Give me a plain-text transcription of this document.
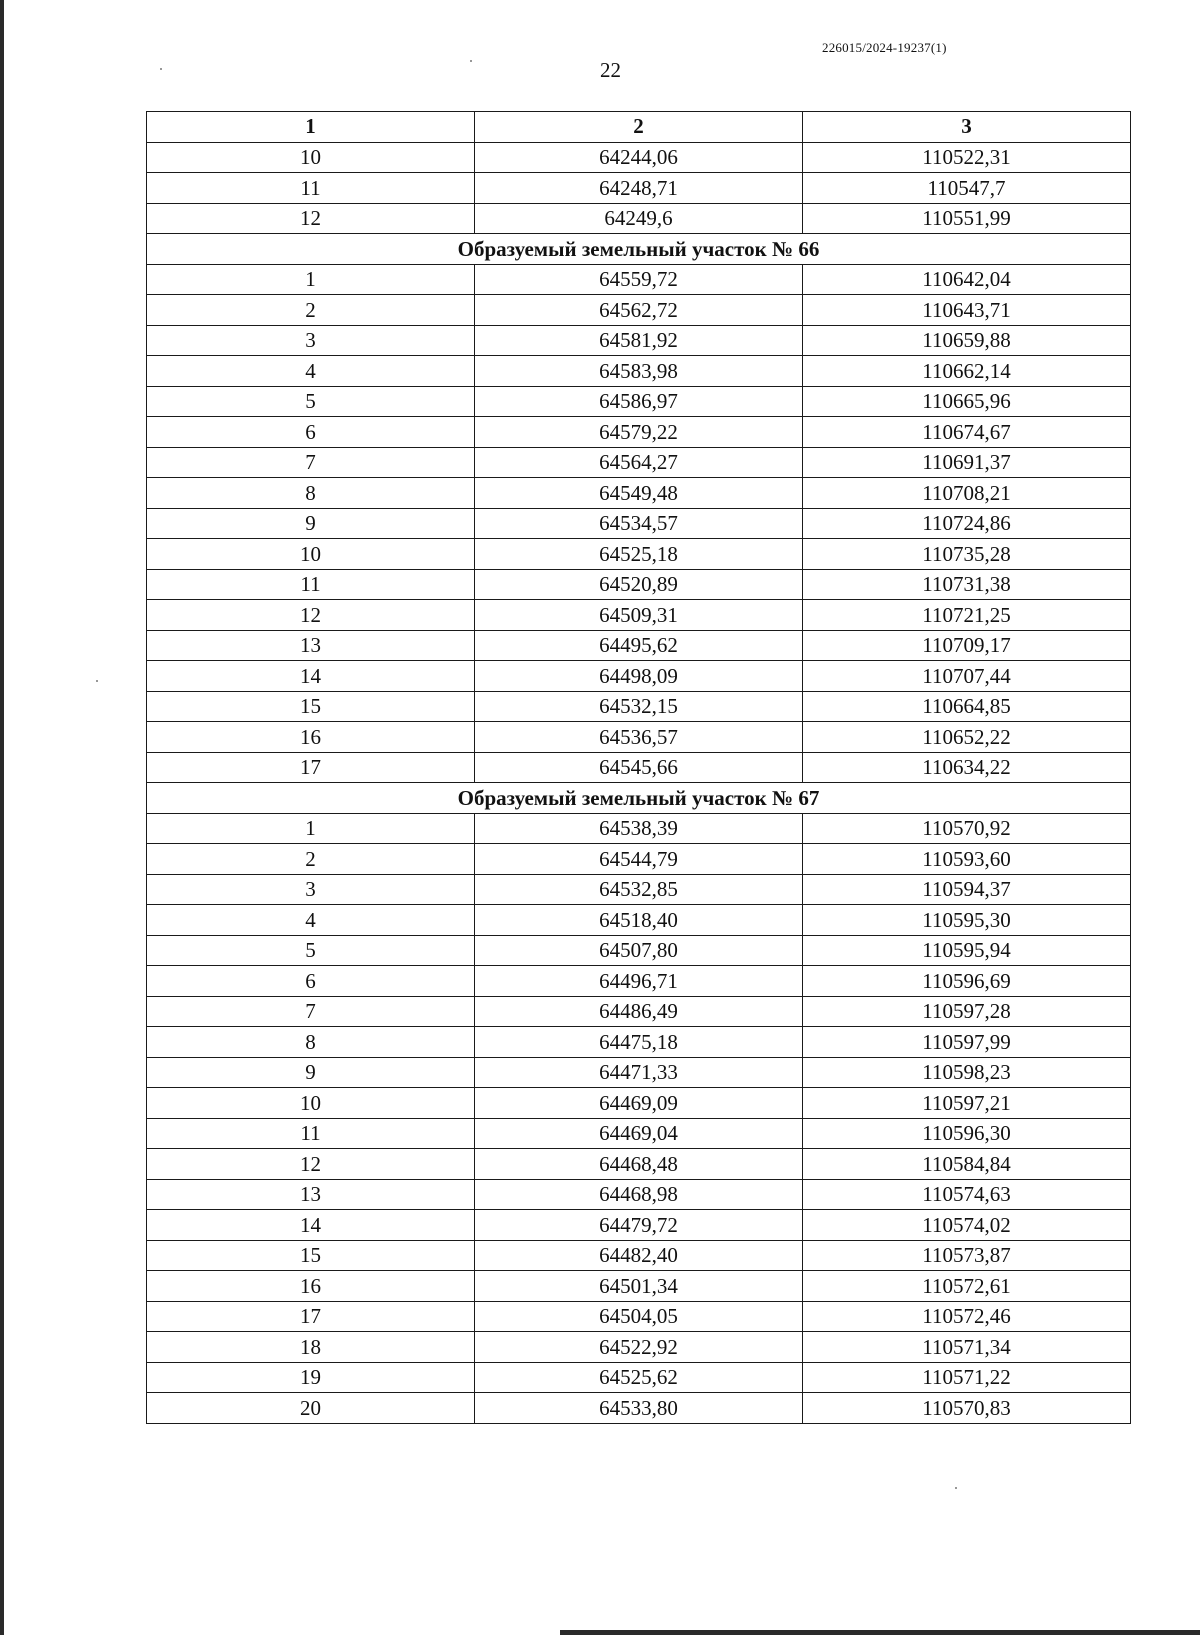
226015/2024-19237(1)
22
1	2	3
10	64244,06	110522,31
11	64248,71	110547,7
12	64249,6	110551,99
Образуемый земельный участок № 66		
1	64559,72	110642,04
2	64562,72	110643,71
3	64581,92	110659,88
4	64583,98	110662,14
5	64586,97	110665,96
6	64579,22	110674,67
7	64564,27	110691,37
8	64549,48	110708,21
9	64534,57	110724,86
10	64525,18	110735,28
11	64520,89	110731,38
12	64509,31	110721,25
13	64495,62	110709,17
14	64498,09	110707,44
15	64532,15	110664,85
16	64536,57	110652,22
17	64545,66	110634,22
Образуемый земельный участок № 67		
1	64538,39	110570,92
2	64544,79	110593,60
3	64532,85	110594,37
4	64518,40	110595,30
5	64507,80	110595,94
6	64496,71	110596,69
7	64486,49	110597,28
8	64475,18	110597,99
9	64471,33	110598,23
10	64469,09	110597,21
11	64469,04	110596,30
12	64468,48	110584,84
13	64468,98	110574,63
14	64479,72	110574,02
15	64482,40	110573,87
16	64501,34	110572,61
17	64504,05	110572,46
18	64522,92	110571,34
19	64525,62	110571,22
20	64533,80	110570,83
